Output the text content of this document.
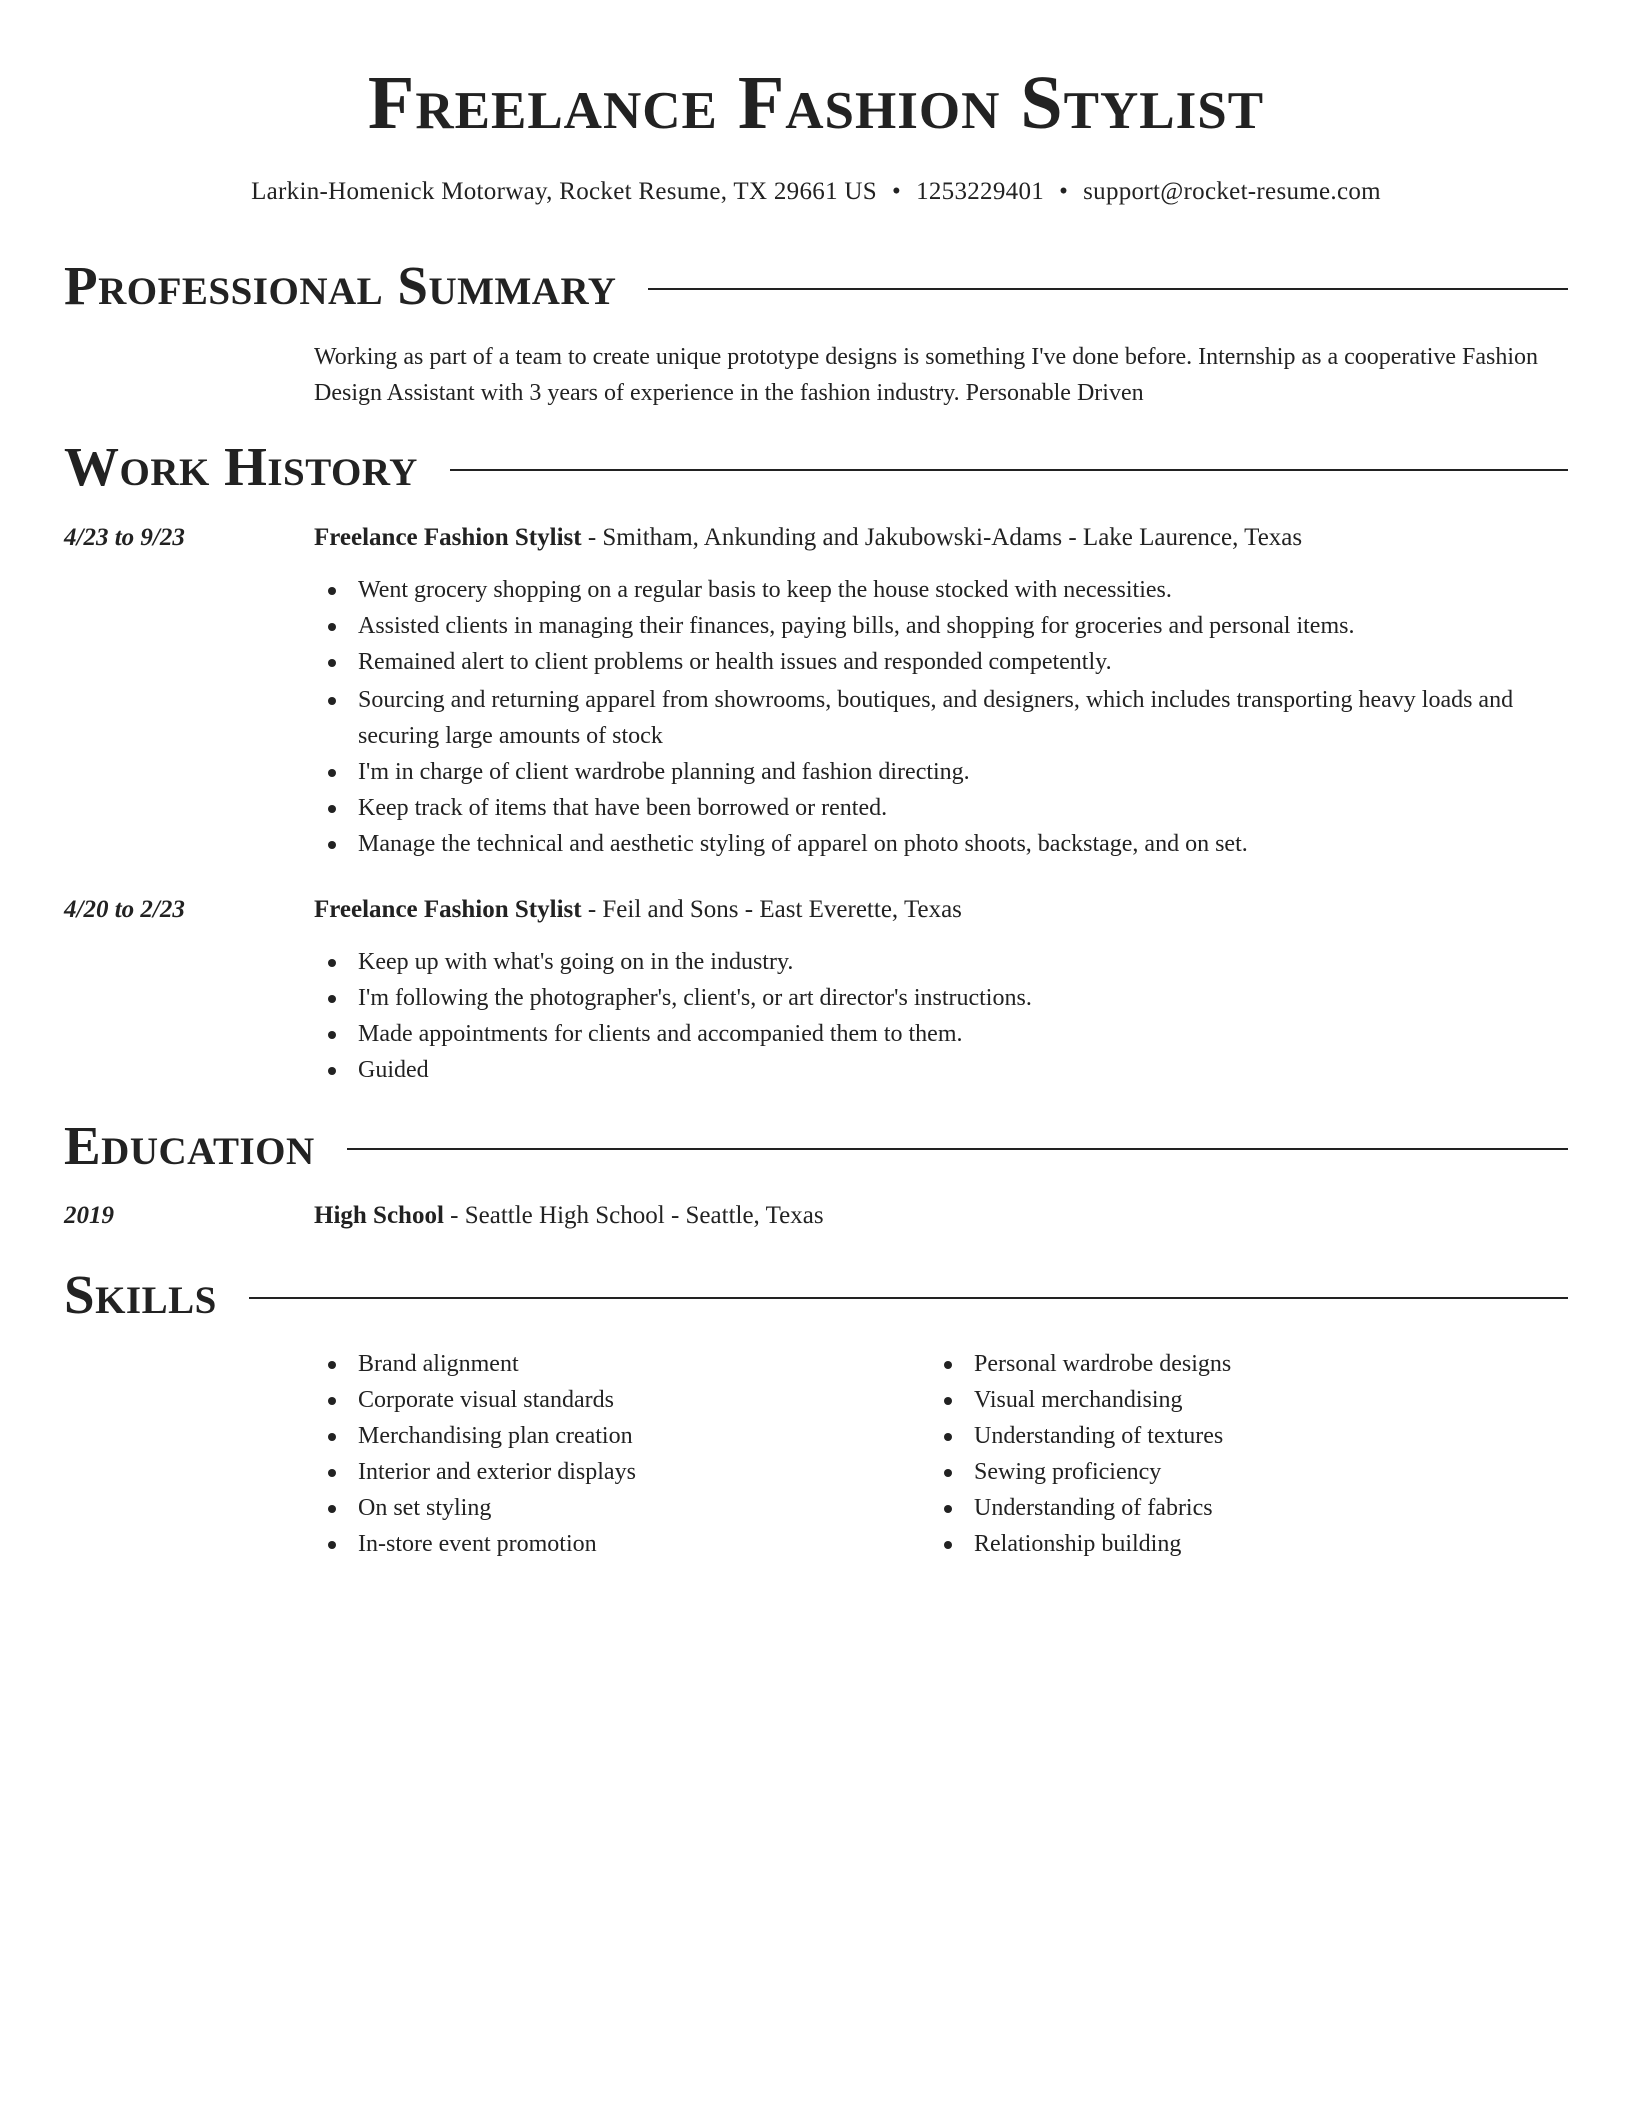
Freelance Fashion Stylist
Larkin-Homenick Motorway, Rocket Resume, TX 29661 US • 1253229401 • support@rocket-resume.com
Professional Summary

Working as part of a team to create unique prototype designs is something I've done before. Internship as a cooperative Fashion Design Assistant with 3 years of experience in the fashion industry. Personable Driven

Work History
4/23 to 9/23	Freelance Fashion Stylist - Smitham, Ankunding and Jakubowski-Adams - Lake Laurence, Texas
Went grocery shopping on a regular basis to keep the house stocked with necessities.
Assisted clients in managing their finances, paying bills, and shopping for groceries and personal items.
Remained alert to client problems or health issues and responded competently.
Sourcing and returning apparel from showrooms, boutiques, and designers, which includes transporting heavy loads and securing large amounts of stock
I'm in charge of client wardrobe planning and fashion directing.
Keep track of items that have been borrowed or rented.
Manage the technical and aesthetic styling of apparel on photo shoots, backstage, and on set.
4/20 to 2/23	Freelance Fashion Stylist - Feil and Sons - East Everette, Texas
Keep up with what's going on in the industry.
I'm following the photographer's, client's, or art director's instructions.
Made appointments for clients and accompanied them to them.
Guided
Education
2019	High School - Seattle High School - Seattle, Texas
Skills
Brand alignment
Corporate visual standards
Merchandising plan creation
Interior and exterior displays
On set styling
In-store event promotion
Personal wardrobe designs
Visual merchandising
Understanding of textures
Sewing proficiency
Understanding of fabrics
Relationship building
